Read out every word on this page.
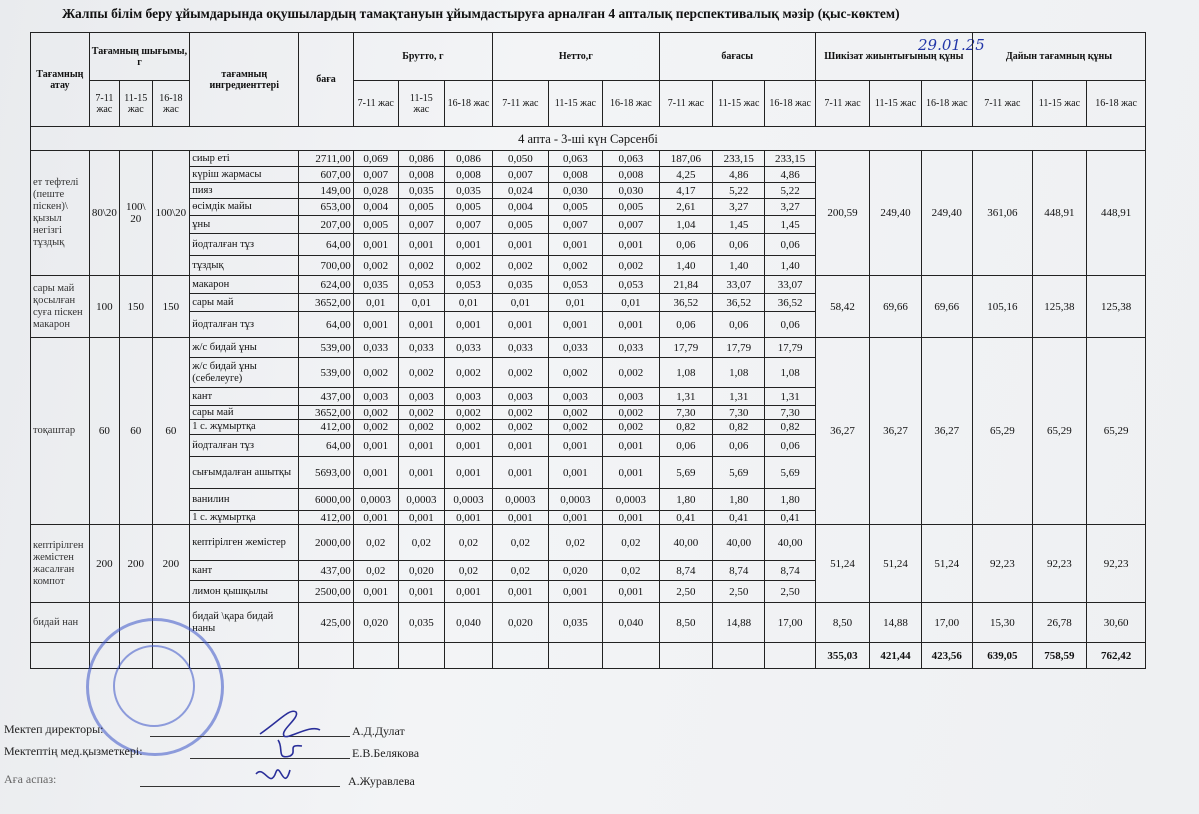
Жалпы білім беру ұйымдарында оқушылардың тамақтануын ұйымдастыруға арналған 4 апталық перспективалық мәзір (қыс-көктем)
29.01.25
Тағамның атау	Тағамның шығымы, г			тағамның ингредиенттері	баға	Брутто, г			Нетто,г			бағасы			Шикізат жиынтығының құны			Дайын тағамның құны		
	7-11 жас	11-15 жас	16-18 жас			7-11 жас	11-15 жас	16-18 жас	7-11 жас	11-15 жас	16-18 жас	7-11 жас	11-15 жас	16-18 жас	7-11 жас	11-15 жас	16-18 жас	7-11 жас	11-15 жас	16-18 жас
4 апта - 3-ші күн Сәрсенбі																				
ет тефтелі (пеште піскен)\ қызыл негізгі тұздық	80\20	100\ 20	100\20	сиыр еті	2711,00	0,069	0,086	0,086	0,050	0,063	0,063	187,06	233,15	233,15	200,59	249,40	249,40	361,06	448,91	448,91
				күріш жармасы	607,00	0,007	0,008	0,008	0,007	0,008	0,008	4,25	4,86	4,86						
				пияз	149,00	0,028	0,035	0,035	0,024	0,030	0,030	4,17	5,22	5,22						
				өсімдік майы	653,00	0,004	0,005	0,005	0,004	0,005	0,005	2,61	3,27	3,27						
				ұны	207,00	0,005	0,007	0,007	0,005	0,007	0,007	1,04	1,45	1,45						
				йодталған тұз	64,00	0,001	0,001	0,001	0,001	0,001	0,001	0,06	0,06	0,06						
				тұздық	700,00	0,002	0,002	0,002	0,002	0,002	0,002	1,40	1,40	1,40						
сары май қосылған суға піскен макарон	100	150	150	макарон	624,00	0,035	0,053	0,053	0,035	0,053	0,053	21,84	33,07	33,07	58,42	69,66	69,66	105,16	125,38	125,38
				сары май	3652,00	0,01	0,01	0,01	0,01	0,01	0,01	36,52	36,52	36,52						
				йодталған тұз	64,00	0,001	0,001	0,001	0,001	0,001	0,001	0,06	0,06	0,06						
тоқаштар	60	60	60	ж/с бидай ұны	539,00	0,033	0,033	0,033	0,033	0,033	0,033	17,79	17,79	17,79	36,27	36,27	36,27	65,29	65,29	65,29
				ж/с бидай ұны (себелеуге)	539,00	0,002	0,002	0,002	0,002	0,002	0,002	1,08	1,08	1,08						
				кант	437,00	0,003	0,003	0,003	0,003	0,003	0,003	1,31	1,31	1,31						
				сары май	3652,00	0,002	0,002	0,002	0,002	0,002	0,002	7,30	7,30	7,30						
				1 с. жұмыртқа	412,00	0,002	0,002	0,002	0,002	0,002	0,002	0,82	0,82	0,82						
				йодталған тұз	64,00	0,001	0,001	0,001	0,001	0,001	0,001	0,06	0,06	0,06						
				сығымдалған ашытқы	5693,00	0,001	0,001	0,001	0,001	0,001	0,001	5,69	5,69	5,69						
				ванилин	6000,00	0,0003	0,0003	0,0003	0,0003	0,0003	0,0003	1,80	1,80	1,80						
				1 с. жұмыртқа	412,00	0,001	0,001	0,001	0,001	0,001	0,001	0,41	0,41	0,41						
кептірілген жемістен жасалған компот	200	200	200	кептірілген жемістер	2000,00	0,02	0,02	0,02	0,02	0,02	0,02	40,00	40,00	40,00	51,24	51,24	51,24	92,23	92,23	92,23
				кант	437,00	0,02	0,020	0,02	0,02	0,020	0,02	8,74	8,74	8,74						
				лимон қышқылы	2500,00	0,001	0,001	0,001	0,001	0,001	0,001	2,50	2,50	2,50						
бидай нан				бидай \қара бидай наны	425,00	0,020	0,035	0,040	0,020	0,035	0,040	8,50	14,88	17,00	8,50	14,88	17,00	15,30	26,78	30,60
															355,03	421,44	423,56	639,05	758,59	762,42
Мектеп директоры:	А.Д.Дулат
Мектептің мед.қызметкері:	Е.В.Белякова
Аға аспаз:	А.Журавлева
